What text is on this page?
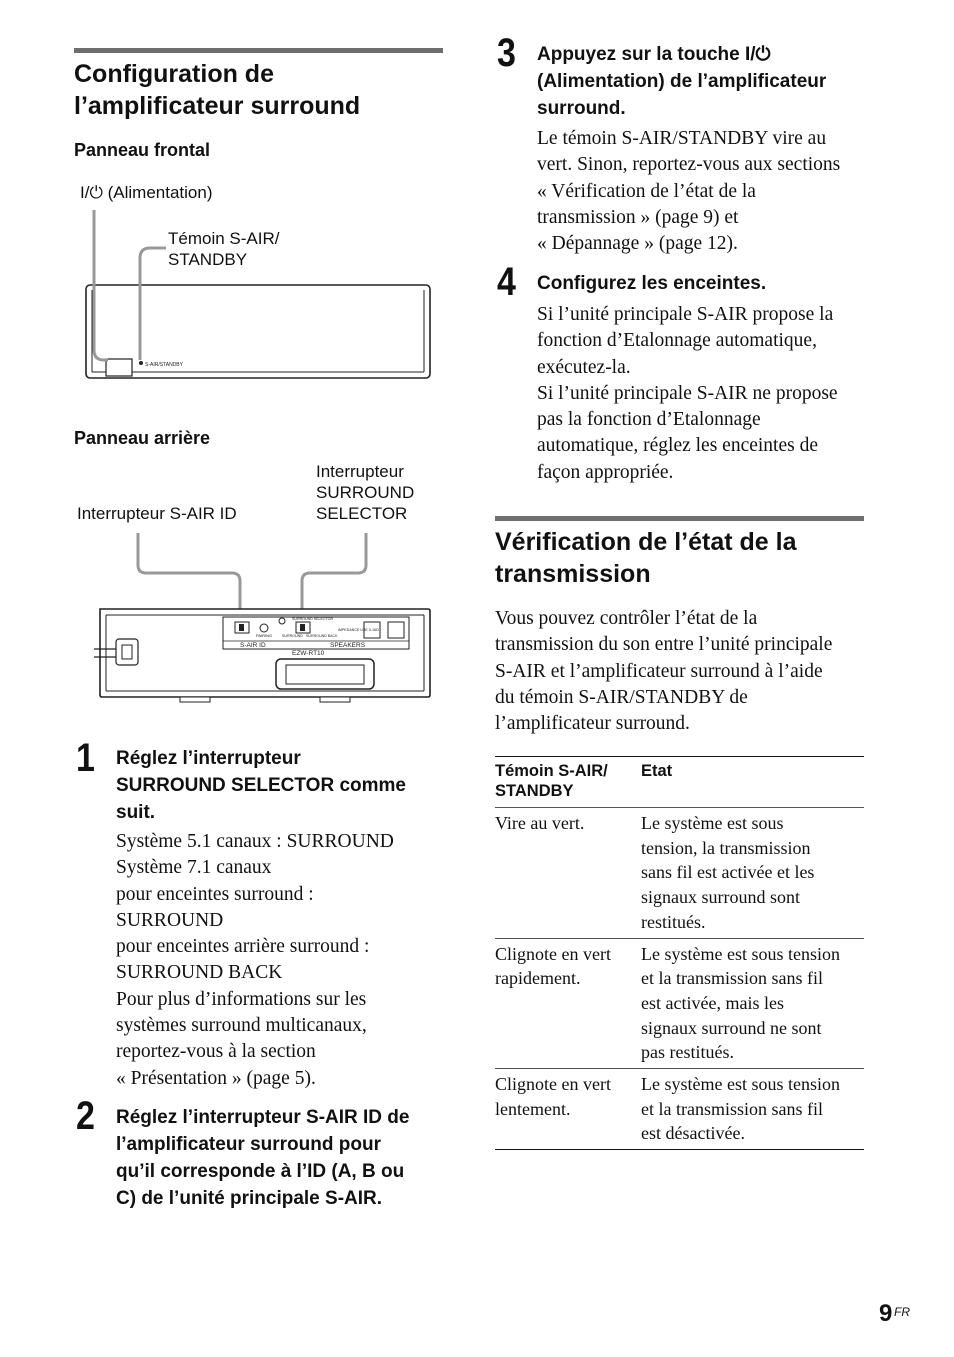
Configuration de
l’amplificateur surround
Panneau frontal
I/⏻ (Alimentation)
Témoin S-AIR/
STANDBY
S-AIR/STANDBY
Panneau arrière
Interrupteur S-AIR ID
Interrupteur
SURROUND
SELECTOR
PAIRING
SURROUND SELECTOR
SURROUND SURROUND BACK
IMPEDANCE USE 3-16Ω
S-AIR ID	SPEAKERS
EZW-RT10
1 Réglez l’interrupteur
SURROUND SELECTOR comme
suit.
Système 5.1 canaux : SURROUND
Système 7.1 canaux
pour enceintes surround :
SURROUND
pour enceintes arrière surround :
SURROUND BACK
Pour plus d’informations sur les
systèmes surround multicanaux,
reportez-vous à la section
« Présentation » (page 5).
2 Réglez l’interrupteur S-AIR ID de
l’amplificateur surround pour
qu’il corresponde à l’ID (A, B ou
C) de l’unité principale S-AIR.
3 Appuyez sur la touche I/⏻
(Alimentation) de l’amplificateur
surround.
Le témoin S-AIR/STANDBY vire au
vert. Sinon, reportez-vous aux sections
« Vérification de l’état de la
transmission » (page 9) et
« Dépannage » (page 12).
4 Configurez les enceintes.
Si l’unité principale S-AIR propose la
fonction d’Etalonnage automatique,
exécutez-la.
Si l’unité principale S-AIR ne propose
pas la fonction d’Etalonnage
automatique, réglez les enceintes de
façon appropriée.
Vérification de l’état de la
transmission
Vous pouvez contrôler l’état de la
transmission du son entre l’unité principale
S-AIR et l’amplificateur surround à l’aide
du témoin S-AIR/STANDBY de
l’amplificateur surround.
Témoin S-AIR/
STANDBY	Etat

Vire au vert.	Le système est sous
tension, la transmission
sans fil est activée et les
signaux surround sont
restitués.

Clignote en vert
rapidement.	Le système est sous tension
et la transmission sans fil
est activée, mais les
signaux surround ne sont
pas restitués.

Clignote en vert
lentement.	Le système est sous tension
et la transmission sans fil
est désactivée.
9 FR
